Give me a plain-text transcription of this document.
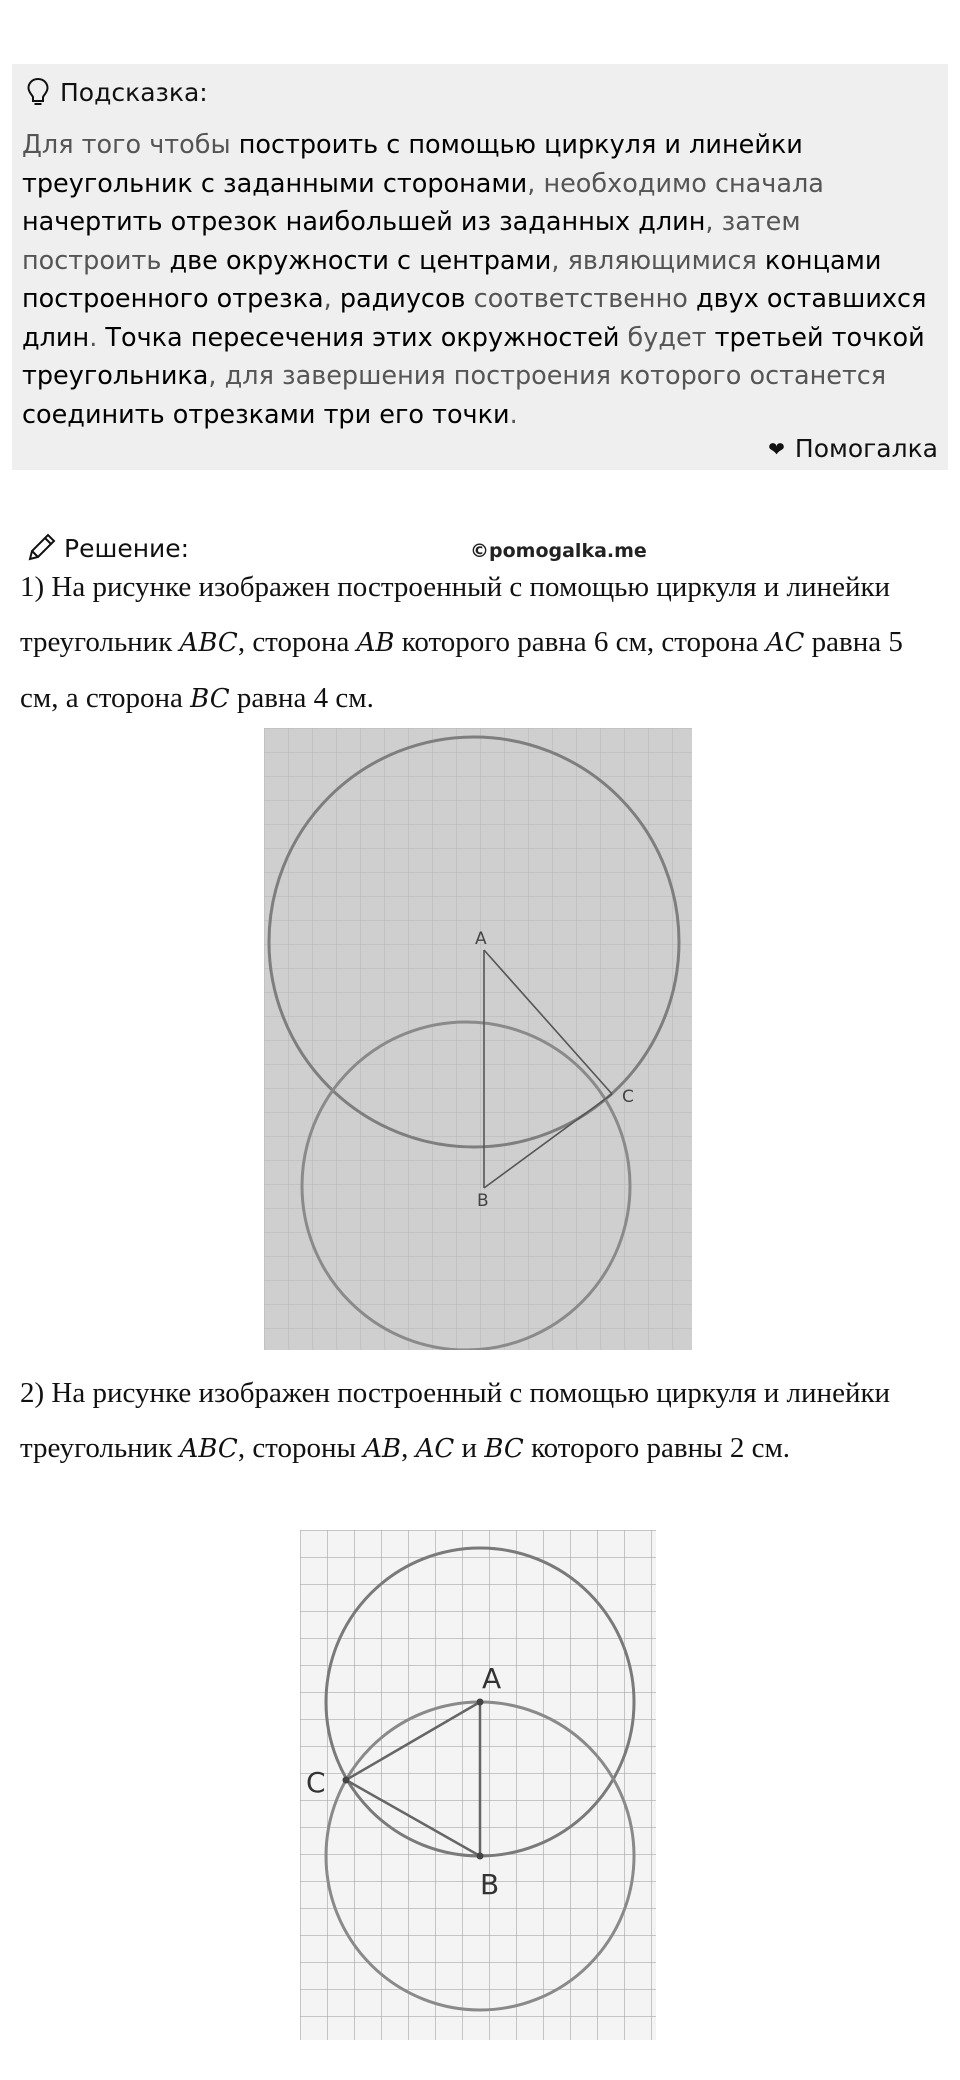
Подсказка:
Для того чтобы построить с помощью циркуля и линейки треугольник с заданными сторонами, необходимо сначала начертить отрезок наибольшей из заданных длин, затем построить две окружности с центрами, являющимися концами построенного отрезка, радиусов соответственно двух оставшихся длин. Точка пересечения этих окружностей будет третьей точкой треугольника, для завершения построения которого останется соединить отрезками три его точки.
❤ Помогалка
Решение:	©pomogalka.me
1) На рисунке изображен построенный с помощью циркуля и линейки треугольник ABC, сторона AB которого равна 6 см, сторона AC равна 5 см, а сторона BC равна 4 см.
A
B
C
2) На рисунке изображен построенный с помощью циркуля и линейки треугольник ABC, стороны AB, AC и BC которого равны 2 см.
A
B
C
